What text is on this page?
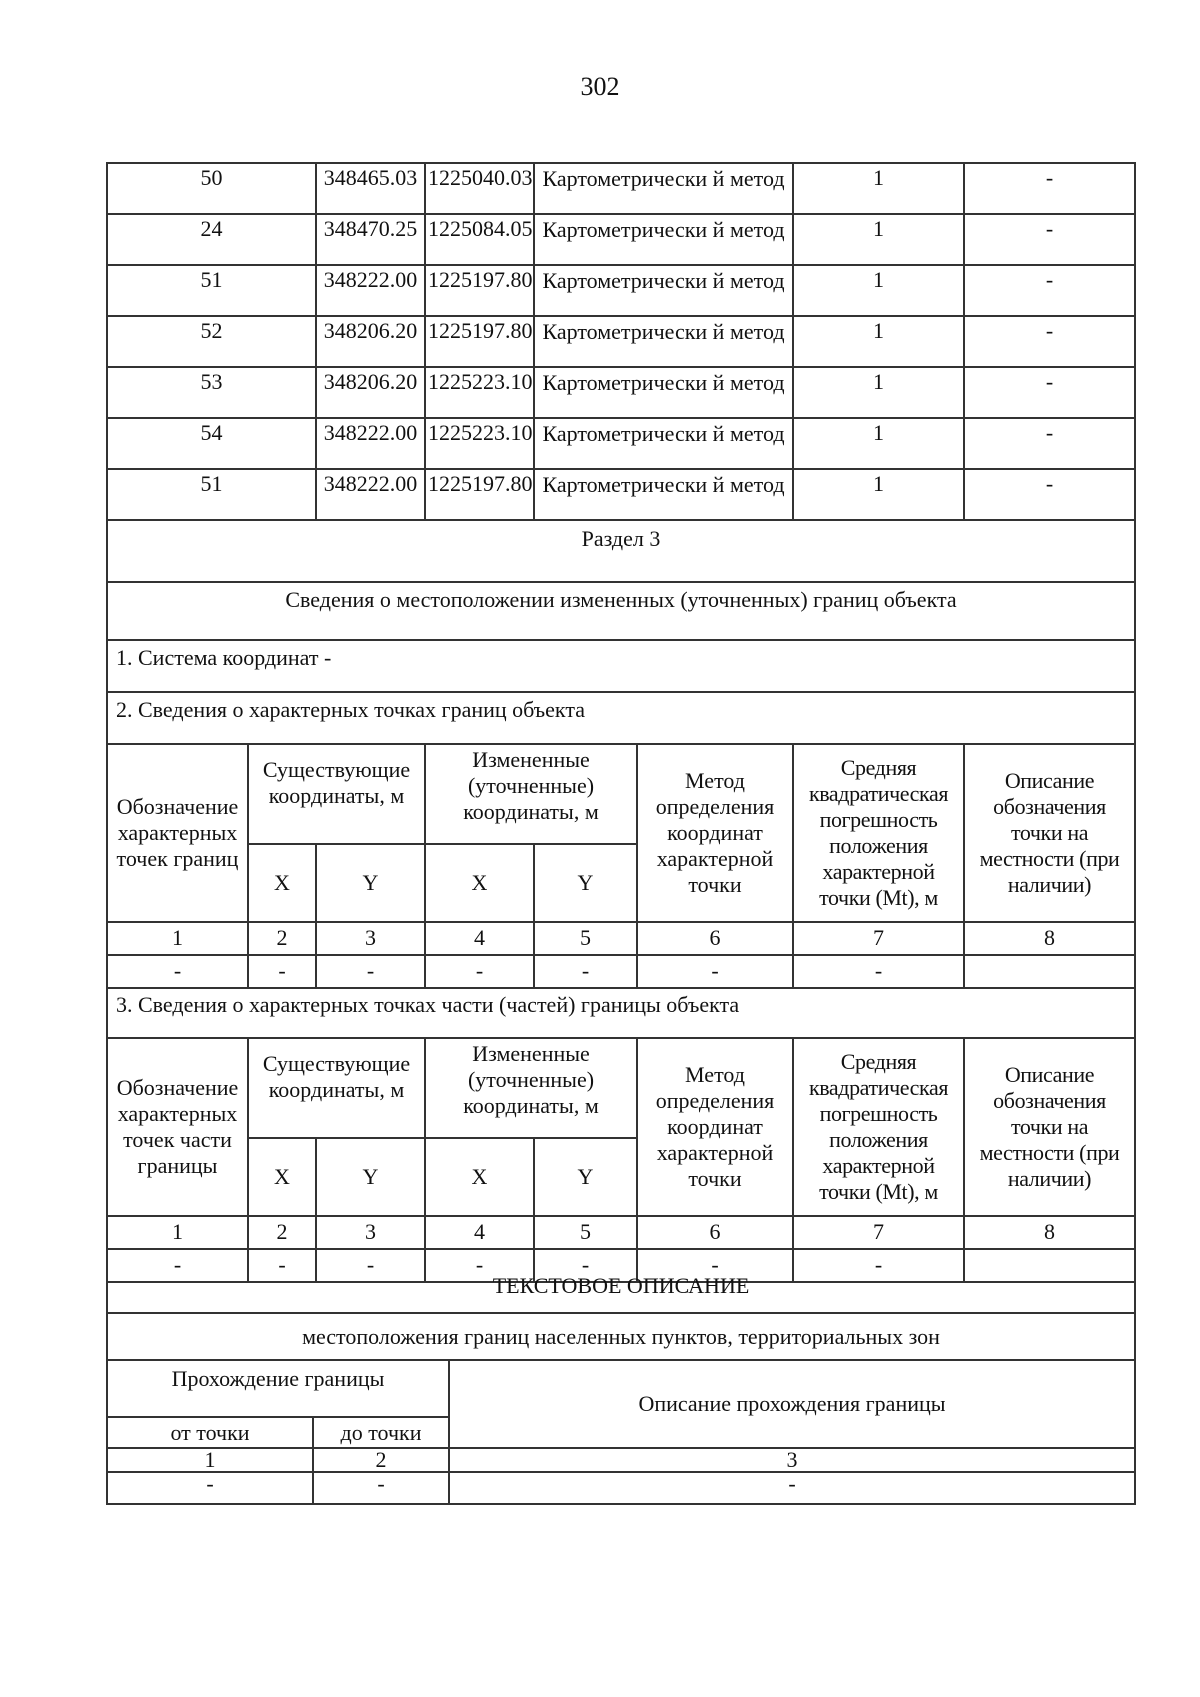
302
50		348465.03	1225040.03	Картометрически й метод		1	-
24		348470.25	1225084.05	Картометрически й метод		1	-
51		348222.00	1225197.80	Картометрически й метод		1	-
52		348206.20	1225197.80	Картометрически й метод		1	-
53		348206.20	1225223.10	Картометрически й метод		1	-
54		348222.00	1225223.10	Картометрически й метод		1	-
51		348222.00	1225197.80	Картометрически й метод		1	-
Раздел 3							
Сведения о местоположении измененных (уточненных) границ объекта							
1. Система координат -							
2. Сведения о характерных точках границ объекта							
Обозначение характерных точек границ	Существующие координаты, м		Измененные (уточненные) координаты, м		Метод определения координат характерной точки	Средняя квадратическая погрешность положения характерной точки (Mt), м	Описание обозначения точки на местности (при наличии)
	X	Y	X	Y			
1	2	3	4	5	6	7	8
-	-	-	-	-	-	-	
3. Сведения о характерных точках части (частей) границы объекта							
Обозначение характерных точек части границы	Существующие координаты, м		Измененные (уточненные) координаты, м		Метод определения координат характерной точки	Средняя квадратическая погрешность положения характерной точки (Mt), м	Описание обозначения точки на местности (при наличии)
	X	Y	X	Y			
1	2	3	4	5	6	7	8
-	-	-	-	-	-	-	
ТЕКСТОВОЕ ОПИСАНИЕ		
местоположения границ населенных пунктов, территориальных зон		
Прохождение границы		Описание прохождения границы
от точки	до точки	
1	2	3
-	-	-
